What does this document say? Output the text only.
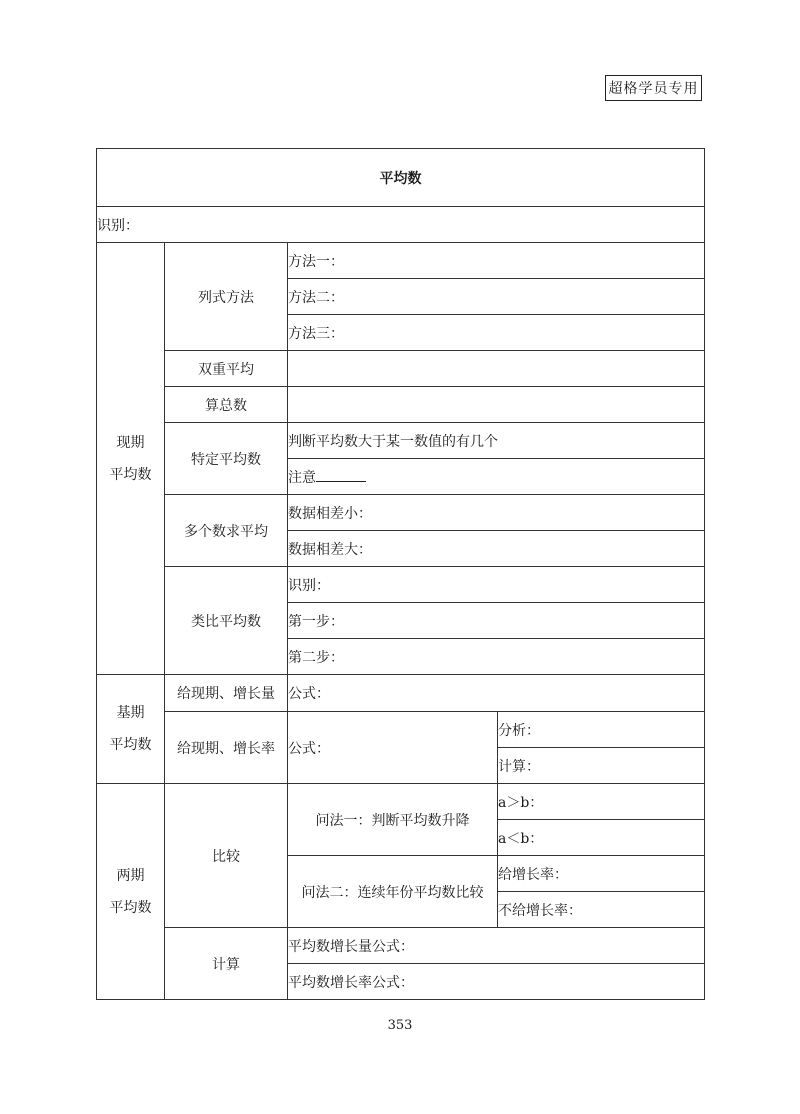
超格学员专用
平均数			
识别：			

现期
平均数	列式方法	方法一：	
		方法二：	
		方法三：	
	双重平均		
	算总数		
	特定平均数	判断平均数大于某一数值的有几个	
		注意	
	多个数求平均	数据相差小：	
		数据相差大：	
	类比平均数	识别：	
		第一步：	
		第二步：	

基期
平均数	给现期、增长量	公式：	
	给现期、增长率	公式：	分析：
			计算：

两期
平均数	比较	问法一：判断平均数升降	a＞b：
			a＜b：
		问法二：连续年份平均数比较	给增长率：
			不给增长率：
	计算	平均数增长量公式：	
		平均数增长率公式：	
353
